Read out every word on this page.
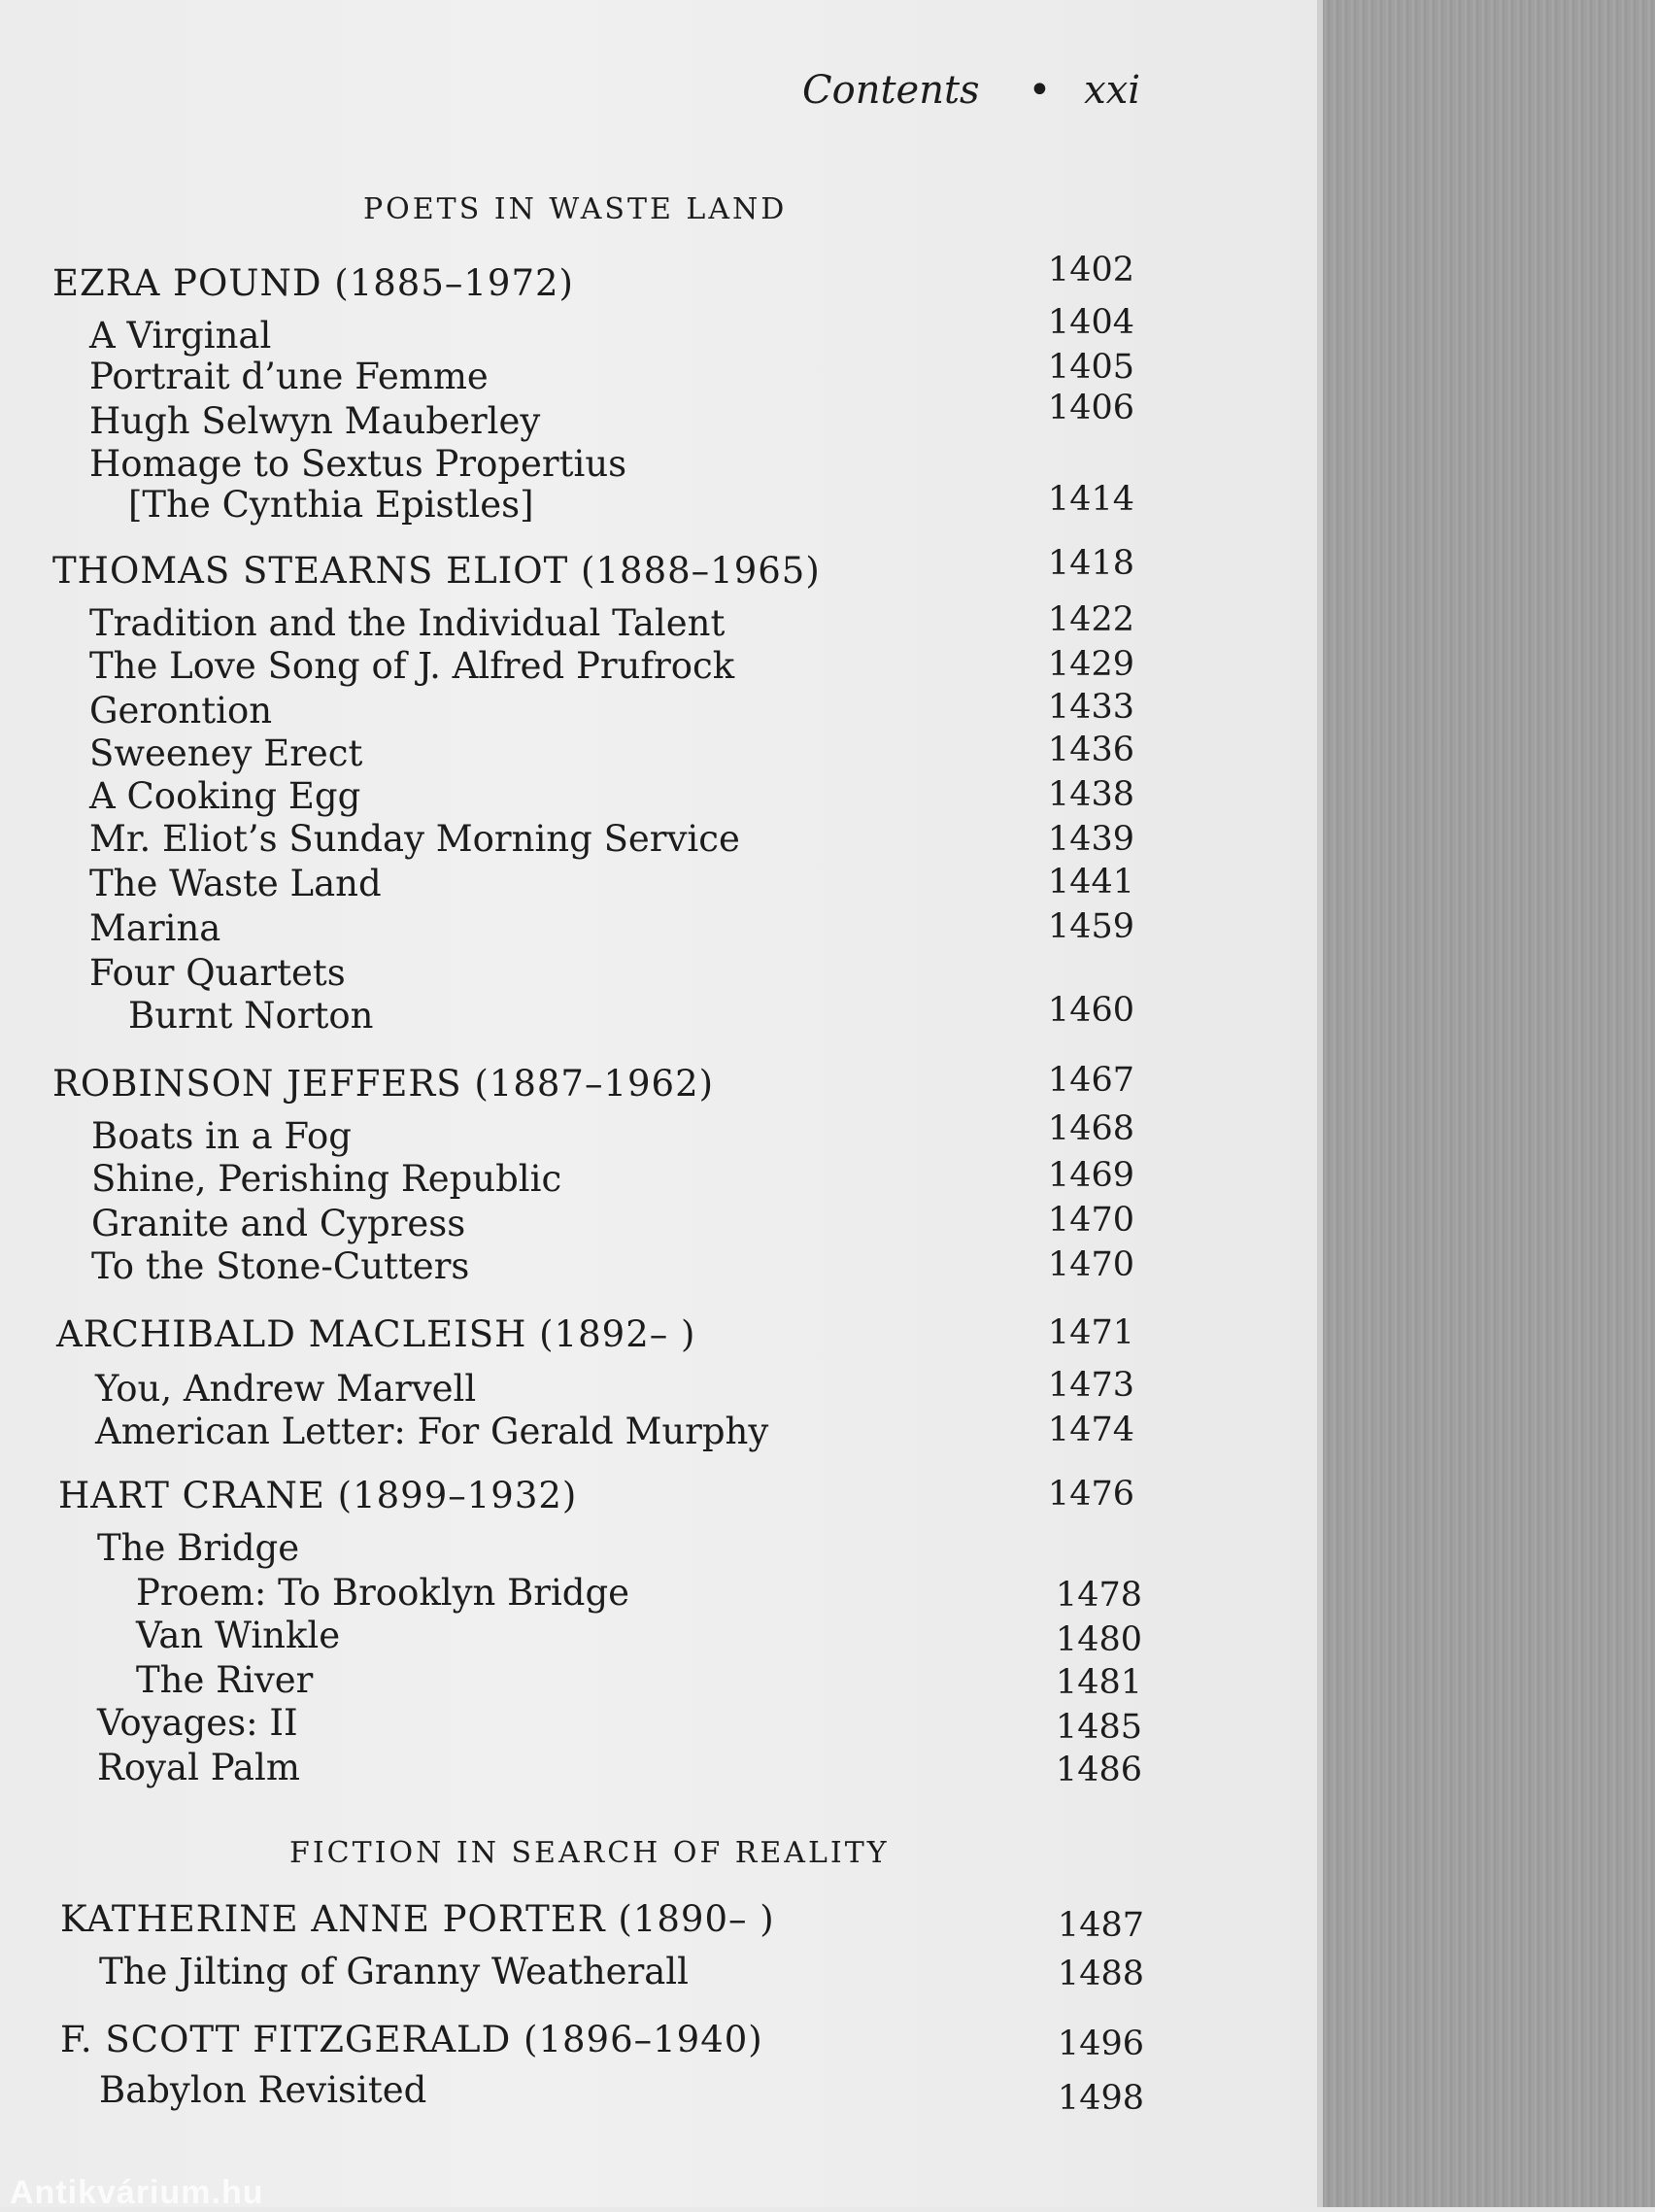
Contents • xxi
POETS IN WASTE LAND
EZRA POUND (1885–1972)	1402
A Virginal	1404
Portrait d’une Femme	1405
Hugh Selwyn Mauberley	1406
Homage to Sextus Propertius
[The Cynthia Epistles]	1414
THOMAS STEARNS ELIOT (1888–1965)	1418
Tradition and the Individual Talent	1422
The Love Song of J. Alfred Prufrock	1429
Gerontion	1433
Sweeney Erect	1436
A Cooking Egg	1438
Mr. Eliot’s Sunday Morning Service	1439
The Waste Land	1441
Marina	1459
Four Quartets
Burnt Norton	1460
ROBINSON JEFFERS (1887–1962)	1467
Boats in a Fog	1468
Shine, Perishing Republic	1469
Granite and Cypress	1470
To the Stone-Cutters	1470
ARCHIBALD MACLEISH (1892– )	1471
You, Andrew Marvell	1473
American Letter: For Gerald Murphy	1474
HART CRANE (1899–1932)	1476
The Bridge
Proem: To Brooklyn Bridge	1478
Van Winkle	1480
The River	1481
Voyages: II	1485
Royal Palm	1486
FICTION IN SEARCH OF REALITY
KATHERINE ANNE PORTER (1890– )	1487
The Jilting of Granny Weatherall	1488
F. SCOTT FITZGERALD (1896–1940)	1496
Babylon Revisited	1498
Antikvárium.hu
